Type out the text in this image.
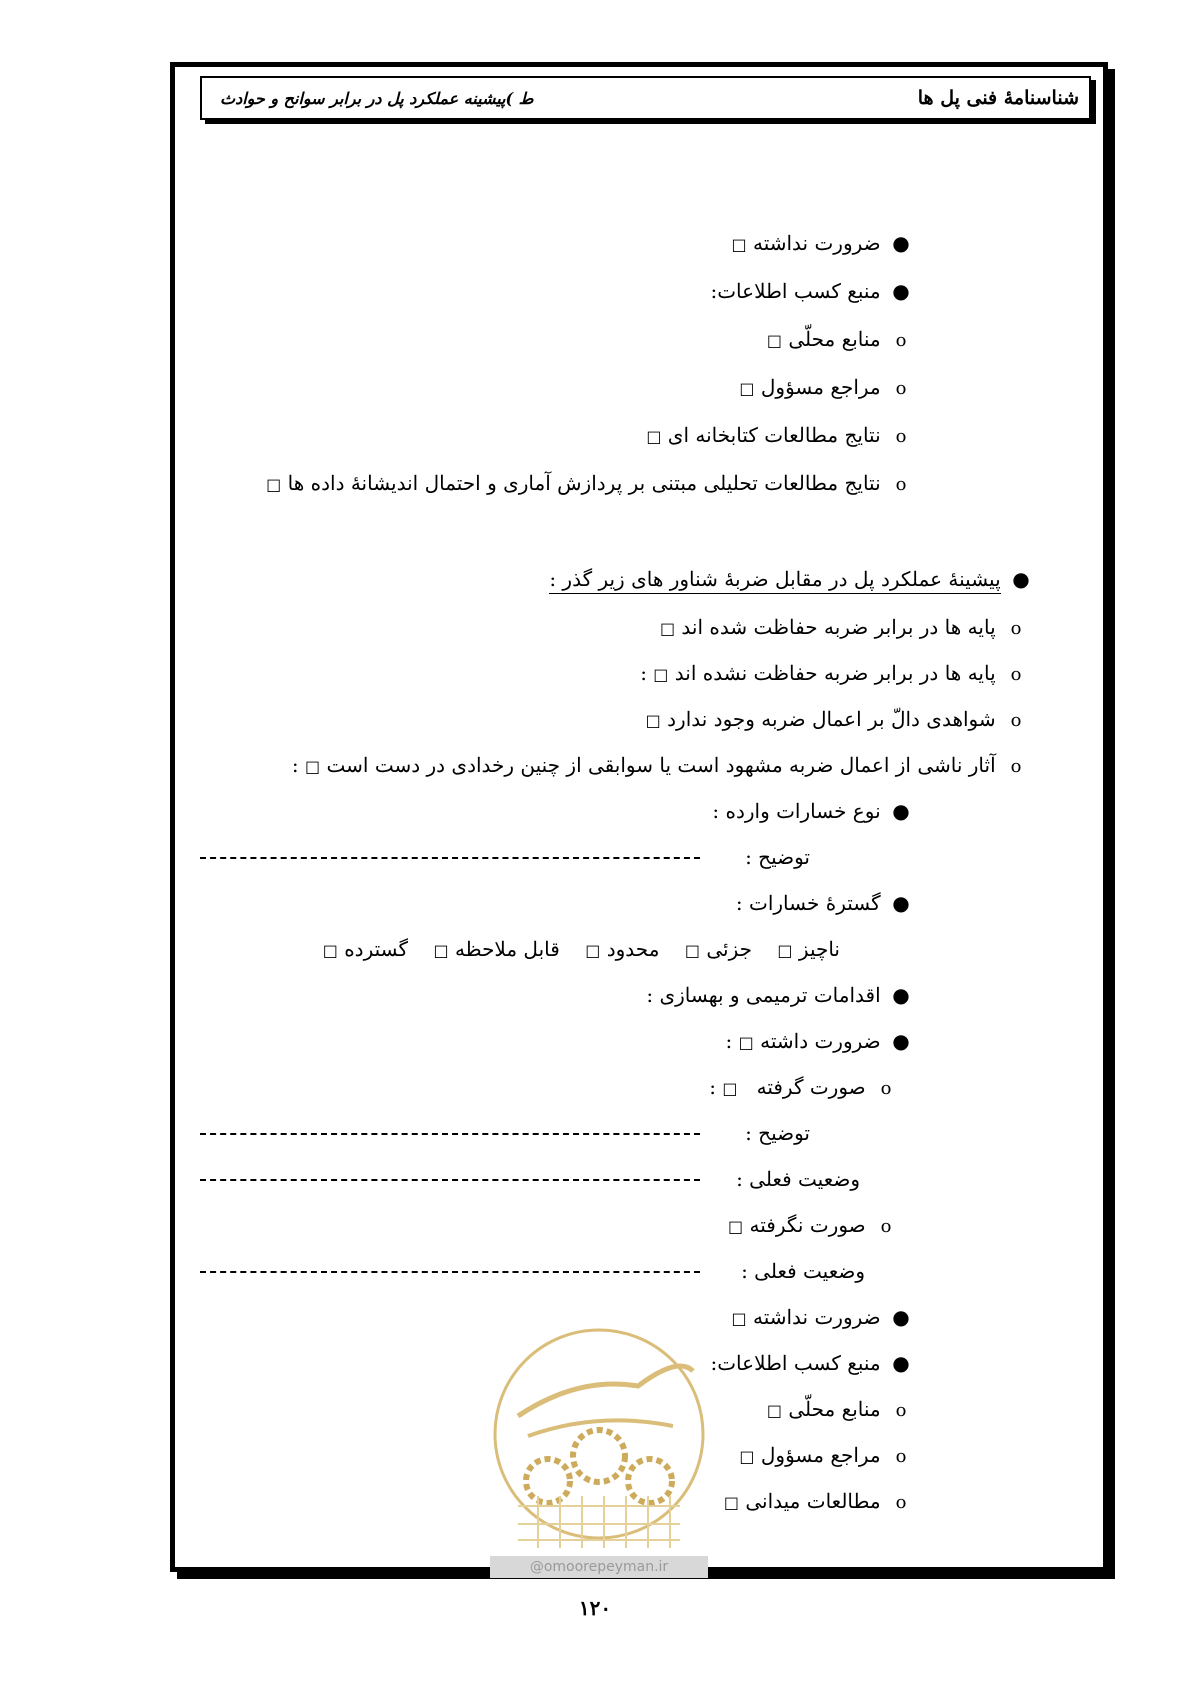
ط )پیشینه عملکرد پل در برابر سوانح و حوادث	شناسنامهٔ فنی پل ها
● ضرورت نداشته □
● منبع کسب اطلاعات:
o منابع محلّی □
o مراجع مسؤول □
o نتایج مطالعات کتابخانه ای □
o نتایج مطالعات تحلیلی مبتنی بر پردازش آماری و احتمال اندیشانهٔ داده ها □
● پیشینهٔ عملکرد پل در مقابل ضربهٔ شناور های زیر گذر :
o پایه ها در برابر ضربه حفاظت شده اند □
o پایه ها در برابر ضربه حفاظت نشده اند □ :
o شواهدی دالّ بر اعمال ضربه وجود ندارد □
o آثار ناشی از اعمال ضربه مشهود است یا سوابقی از چنین رخدادی در دست است □ :
● نوع خسارات وارده :
توضیح :
● گسترهٔ خسارات :
ناچیز □    جزئی □    محدود □    قابل ملاحظه □    گسترده □
● اقدامات ترمیمی و بهسازی :
● ضرورت داشته □ :
o صورت گرفته   □ :
توضیح :
وضعیت فعلی :
o صورت نگرفته □
وضعیت فعلی :
● ضرورت نداشته □
● منبع کسب اطلاعات:
o منابع محلّی □
o مراجع مسؤول □
o مطالعات میدانی □
@omoorepeyman.ir
۱۲۰
